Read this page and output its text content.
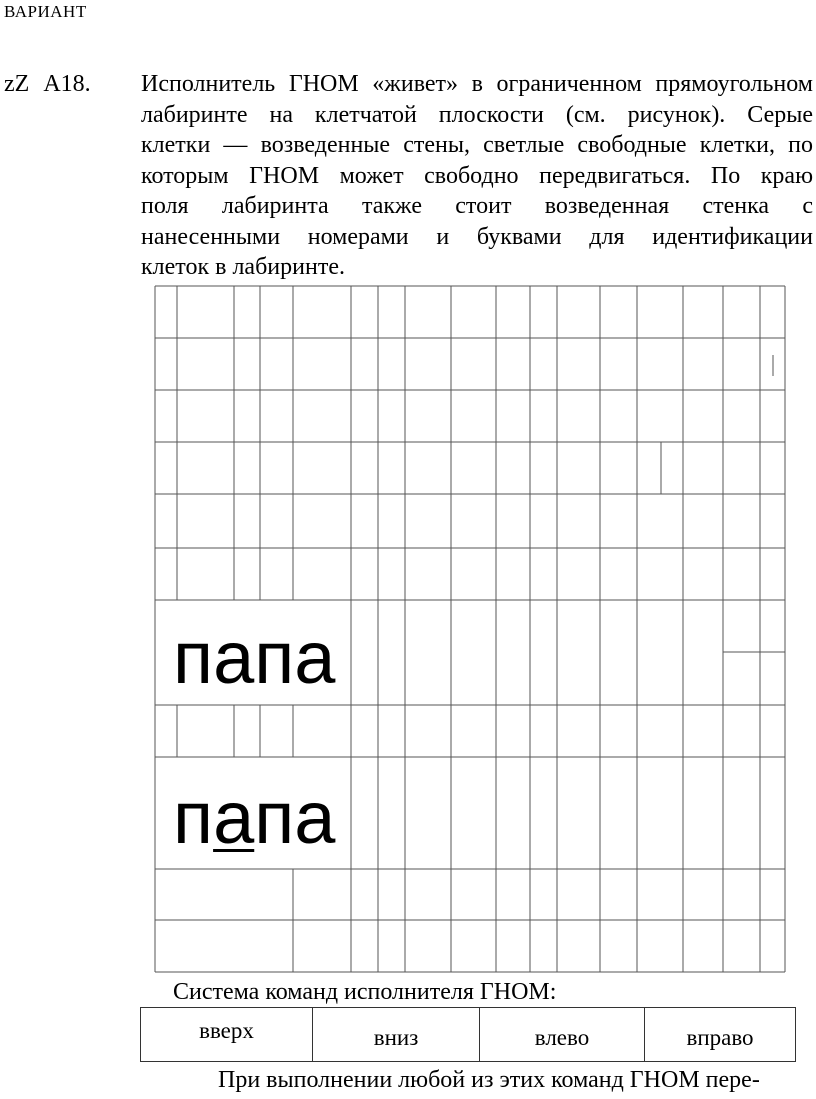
ВАРИАНТ
zZ А18. Исполнитель ГНОМ «живет» в ограниченном прямоугольном
лабиринте на клетчатой плоскости (см. рисунок). Серые
клетки — возведенные стены, светлые свободные клетки, по
которым ГНОМ может свободно передвигаться. По краю
поля лабиринта также стоит возведенная стенка с
нанесенными номерами и буквами для идентификации
клеток в лабиринте.
папа
папа
Система команд исполнителя ГНОМ:
вверх	вниз	влево	вправо
При выполнении любой из этих команд ГНОМ пере-
